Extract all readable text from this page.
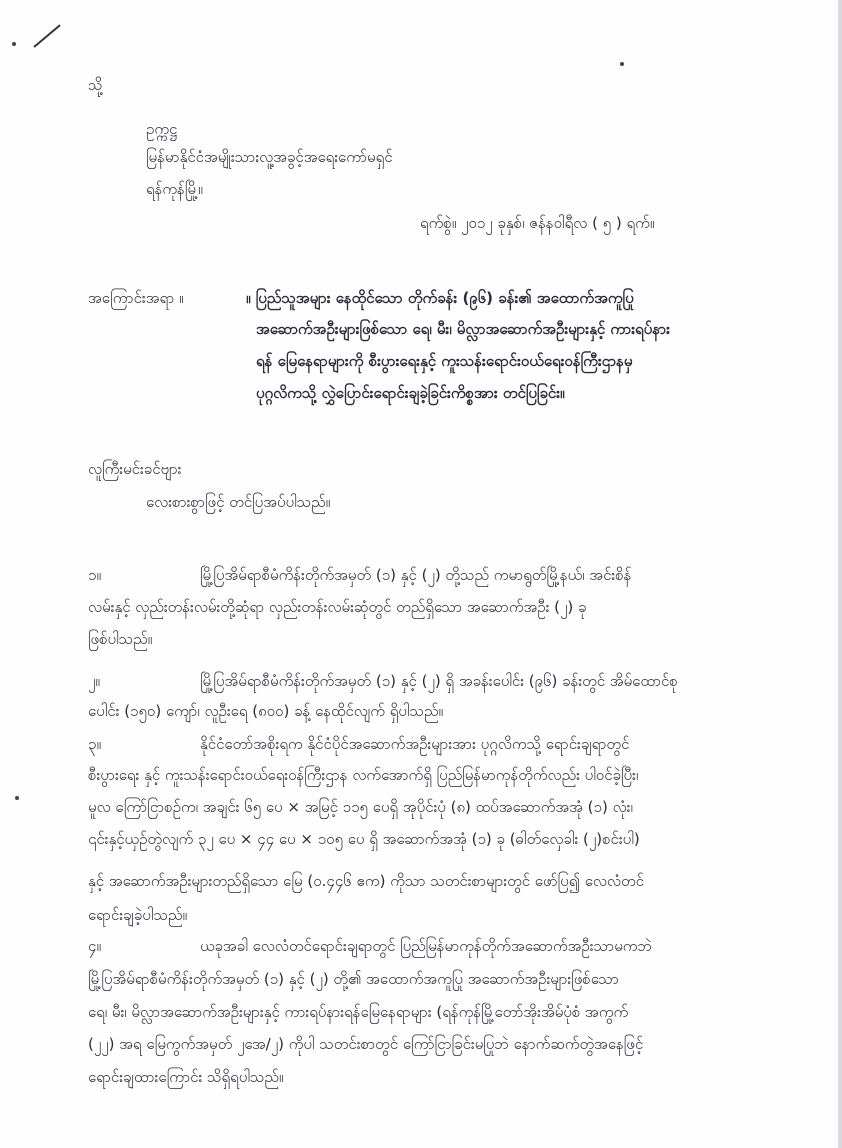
သို့
ဥက္ကဋ္ဌ
မြန်မာနိုင်ငံအမျိုးသားလူ့အခွင့်အရေးကော်မရှင်
ရန်ကုန်မြို့။
ရက်စွဲ။ ၂၀၁၂ ခုနှစ်၊ ဇန်နဝါရီလ ( ၅ ) ရက်။
အကြောင်းအရာ ။	။ ပြည်သူအများ နေထိုင်သော တိုက်ခန်း (၉၆) ခန်း၏ အထောက်အကူပြု
အဆောက်အဦးများဖြစ်သော ရေ၊ မီး၊ မိလ္လာအဆောက်အဦးများနှင့် ကားရပ်နား
ရန် မြေနေရာများကို စီးပွားရေးနှင့် ကူးသန်းရောင်းဝယ်ရေးဝန်ကြီးဌာနမှ
ပုဂ္ဂလိကသို့ လွှဲပြောင်းရောင်းချခဲ့ခြင်းကိစ္စအား တင်ပြခြင်း။
လူကြီးမင်းခင်ဗျား
လေးစားစွာဖြင့် တင်ပြအပ်ပါသည်။
၁။	မြို့ပြအိမ်ရာစီမံကိန်းတိုက်အမှတ် (၁) နှင့် (၂) တို့သည် ကမာရွတ်မြို့နယ်၊ အင်းစိန်
လမ်းနှင့် လှည်းတန်းလမ်းတို့ဆုံရာ လှည်းတန်းလမ်းဆုံတွင် တည်ရှိသော အဆောက်အဦး (၂) ခု
ဖြစ်ပါသည်။
၂။	မြို့ပြအိမ်ရာစီမံကိန်းတိုက်အမှတ် (၁) နှင့် (၂) ရှိ အခန်းပေါင်း (၉၆) ခန်းတွင် အိမ်ထောင်စု
ပေါင်း (၁၅၀) ကျော်၊ လူဦးရေ (၈၀၀) ခန့် နေထိုင်လျက် ရှိပါသည်။
၃။	နိုင်ငံတော်အစိုးရက နိုင်ငံပိုင်အဆောက်အဦးများအား ပုဂ္ဂလိကသို့ ရောင်းချရာတွင်
စီးပွားရေး နှင့် ကူးသန်းရောင်းဝယ်ရေးဝန်ကြီးဌာန လက်အောက်ရှိ ပြည်မြန်မာကုန်တိုက်လည်း ပါဝင်ခဲ့ပြီး၊
မူလ ကြော်ငြာစဉ်က၊ အချင်း ၆၅ ပေ × အမြင့် ၁၁၅ ပေရှိ အုပိုင်းပုံ (၈) ထပ်အဆောက်အအုံ (၁) လုံး၊
၎င်းနှင့်ယှဉ်တွဲလျက် ၃၂ ပေ × ၄၄ ပေ × ၁၀၅ ပေ ရှိ အဆောက်အအုံ (၁) ခု (ဓါတ်လှေခါး (၂)စင်းပါ)
နှင့် အဆောက်အဦးများတည်ရှိသော မြေ (၀.၄၄၆ ဧက) ကိုသာ သတင်းစာများတွင် ဖော်ပြ၍ လေလံတင်
ရောင်းချခဲ့ပါသည်။
၄။	ယခုအခါ လေလံတင်ရောင်းချရာတွင် ပြည်မြန်မာကုန်တိုက်အဆောက်အဦးသာမကဘဲ
မြို့ပြအိမ်ရာစီမံကိန်းတိုက်အမှတ် (၁) နှင့် (၂) တို့၏ အထောက်အကူပြု အဆောက်အဦးများဖြစ်သော
ရေ၊ မီး၊ မိလ္လာအဆောက်အဦးများနှင့် ကားရပ်နားရန်မြေနေရာများ (ရန်ကုန်မြို့တော်အိုးအိမ်ပုံစံ အကွက်
(၂၂) အရ မြေကွက်အမှတ် ၂အေ/၂) ကိုပါ သတင်းစာတွင် ကြော်ငြာခြင်းမပြုဘဲ နောက်ဆက်တွဲအနေဖြင့်
ရောင်းချထားကြောင်း သိရှိရပါသည်။
